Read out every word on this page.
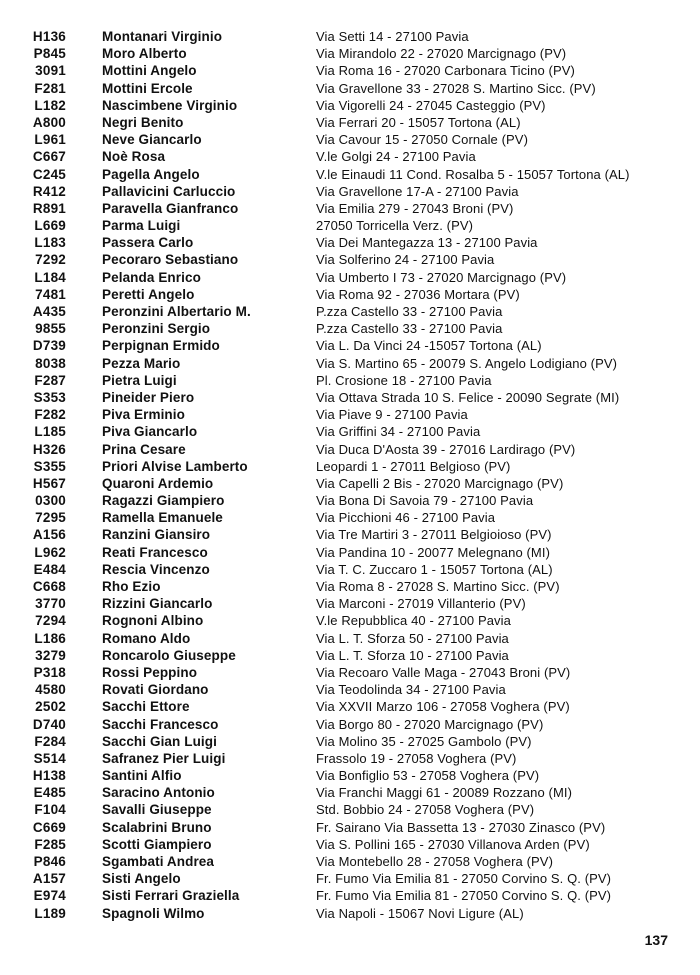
H136	Montanari Virginio	Via Setti 14 - 27100 Pavia
P845	Moro Alberto	Via Mirandolo 22 - 27020 Marcignago (PV)
3091	Mottini Angelo	Via Roma 16 - 27020 Carbonara Ticino (PV)
F281	Mottini Ercole	Via Gravellone 33 - 27028 S. Martino Sicc. (PV)
L182	Nascimbene Virginio	Via Vigorelli 24 - 27045 Casteggio (PV)
A800	Negri Benito	Via Ferrari 20 - 15057 Tortona (AL)
L961	Neve Giancarlo	Via Cavour 15 - 27050 Cornale (PV)
C667	Noè Rosa	V.le Golgi 24 - 27100 Pavia
C245	Pagella Angelo	V.le Einaudi 11 Cond. Rosalba 5 - 15057 Tortona (AL)
R412	Pallavicini Carluccio	Via Gravellone 17-A - 27100 Pavia
R891	Paravella Gianfranco	Via Emilia 279 - 27043 Broni (PV)
L669	Parma Luigi	27050 Torricella Verz. (PV)
L183	Passera Carlo	Via Dei Mantegazza 13 - 27100 Pavia
7292	Pecoraro Sebastiano	Via Solferino 24 - 27100 Pavia
L184	Pelanda Enrico	Via Umberto I 73 - 27020 Marcignago (PV)
7481	Peretti Angelo	Via Roma 92 - 27036 Mortara (PV)
A435	Peronzini Albertario M.	P.zza Castello 33 - 27100 Pavia
9855	Peronzini Sergio	P.zza Castello 33 - 27100 Pavia
D739	Perpignan Ermido	Via L. Da Vinci 24 -15057 Tortona (AL)
8038	Pezza Mario	Via S. Martino 65 - 20079 S. Angelo Lodigiano (PV)
F287	Pietra Luigi	Pl. Crosione 18 - 27100 Pavia
S353	Pineider Piero	Via Ottava Strada 10 S. Felice - 20090 Segrate (MI)
F282	Piva Erminio	Via Piave 9 - 27100 Pavia
L185	Piva Giancarlo	Via Griffini 34 - 27100 Pavia
H326	Prina Cesare	Via Duca D'Aosta 39 - 27016 Lardirago (PV)
S355	Priori Alvise Lamberto	Leopardi 1 - 27011 Belgioso (PV)
H567	Quaroni Ardemio	Via Capelli 2 Bis - 27020 Marcignago (PV)
0300	Ragazzi Giampiero	Via Bona Di Savoia 79 - 27100 Pavia
7295	Ramella Emanuele	Via Picchioni 46 - 27100 Pavia
A156	Ranzini Giansiro	Via Tre Martiri 3 - 27011 Belgioioso (PV)
L962	Reati Francesco	Via Pandina 10 - 20077 Melegnano (MI)
E484	Rescia Vincenzo	Via T. C. Zuccaro 1 - 15057 Tortona (AL)
C668	Rho Ezio	Via Roma 8 - 27028 S. Martino Sicc. (PV)
3770	Rizzini Giancarlo	Via Marconi - 27019 Villanterio (PV)
7294	Rognoni Albino	V.le Repubblica 40 - 27100 Pavia
L186	Romano Aldo	Via L. T. Sforza 50 - 27100 Pavia
3279	Roncarolo Giuseppe	Via L. T. Sforza 10 - 27100 Pavia
P318	Rossi Peppino	Via Recoaro Valle Maga - 27043 Broni (PV)
4580	Rovati Giordano	Via Teodolinda 34 - 27100 Pavia
2502	Sacchi Ettore	Via XXVII Marzo 106 - 27058 Voghera (PV)
D740	Sacchi Francesco	Via Borgo 80 - 27020 Marcignago (PV)
F284	Sacchi Gian Luigi	Via Molino 35 - 27025 Gambolo (PV)
S514	Safranez Pier Luigi	Frassolo 19 - 27058 Voghera (PV)
H138	Santini Alfio	Via Bonfiglio 53 - 27058 Voghera (PV)
E485	Saracino Antonio	Via Franchi Maggi 61 - 20089 Rozzano (MI)
F104	Savalli Giuseppe	Std. Bobbio 24 - 27058 Voghera (PV)
C669	Scalabrini Bruno	Fr. Sairano Via Bassetta 13 - 27030 Zinasco (PV)
F285	Scotti Giampiero	Via S. Pollini 165 - 27030 Villanova Arden (PV)
P846	Sgambati Andrea	Via Montebello 28 - 27058 Voghera (PV)
A157	Sisti Angelo	Fr. Fumo Via Emilia 81 - 27050 Corvino S. Q. (PV)
E974	Sisti Ferrari Graziella	Fr. Fumo Via Emilia 81 - 27050 Corvino S. Q. (PV)
L189	Spagnoli Wilmo	Via Napoli - 15067 Novi Ligure (AL)
137
